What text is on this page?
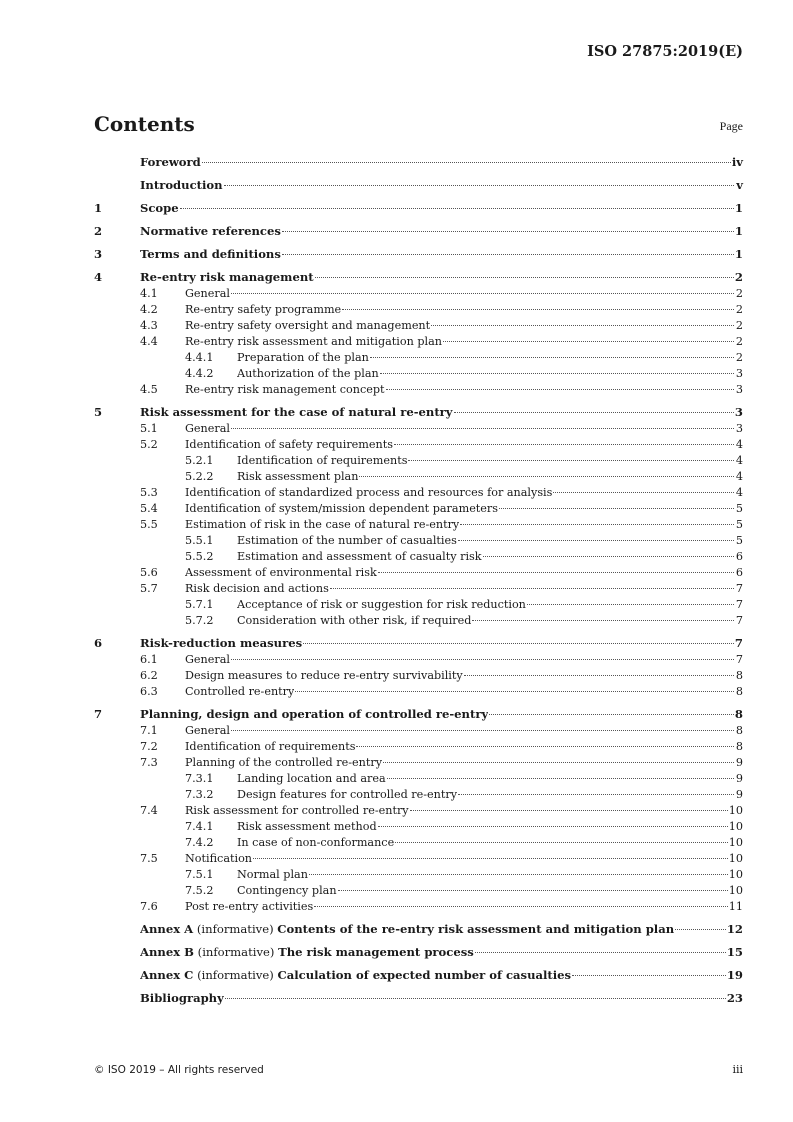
ISO 27875:2019(E)
Contents	Page
Foreword	iv
Introduction	v
1	Scope	1
2	Normative references	1
3	Terms and definitions	1
4	Re-entry risk management	2
4.1	General	2
4.2	Re-entry safety programme	2
4.3	Re-entry safety oversight and management	2
4.4	Re-entry risk assessment and mitigation plan	2
4.4.1	Preparation of the plan	2
4.4.2	Authorization of the plan	3
4.5	Re-entry risk management concept	3
5	Risk assessment for the case of natural re-entry	3
5.1	General	3
5.2	Identification of safety requirements	4
5.2.1	Identification of requirements	4
5.2.2	Risk assessment plan	4
5.3	Identification of standardized process and resources for analysis	4
5.4	Identification of system/mission dependent parameters	5
5.5	Estimation of risk in the case of natural re-entry	5
5.5.1	Estimation of the number of casualties	5
5.5.2	Estimation and assessment of casualty risk	6
5.6	Assessment of environmental risk	6
5.7	Risk decision and actions	7
5.7.1	Acceptance of risk or suggestion for risk reduction	7
5.7.2	Consideration with other risk, if required	7
6	Risk-reduction measures	7
6.1	General	7
6.2	Design measures to reduce re-entry survivability	8
6.3	Controlled re-entry	8
7	Planning, design and operation of controlled re-entry	8
7.1	General	8
7.2	Identification of requirements	8
7.3	Planning of the controlled re-entry	9
7.3.1	Landing location and area	9
7.3.2	Design features for controlled re-entry	9
7.4	Risk assessment for controlled re-entry	10
7.4.1	Risk assessment method	10
7.4.2	In case of non-conformance	10
7.5	Notification	10
7.5.1	Normal plan	10
7.5.2	Contingency plan	10
7.6	Post re-entry activities	11
Annex A (informative) Contents of the re-entry risk assessment and mitigation plan	12
Annex B (informative) The risk management process	15
Annex C (informative) Calculation of expected number of casualties	19
Bibliography	23
© ISO 2019 – All rights reserved	iii
